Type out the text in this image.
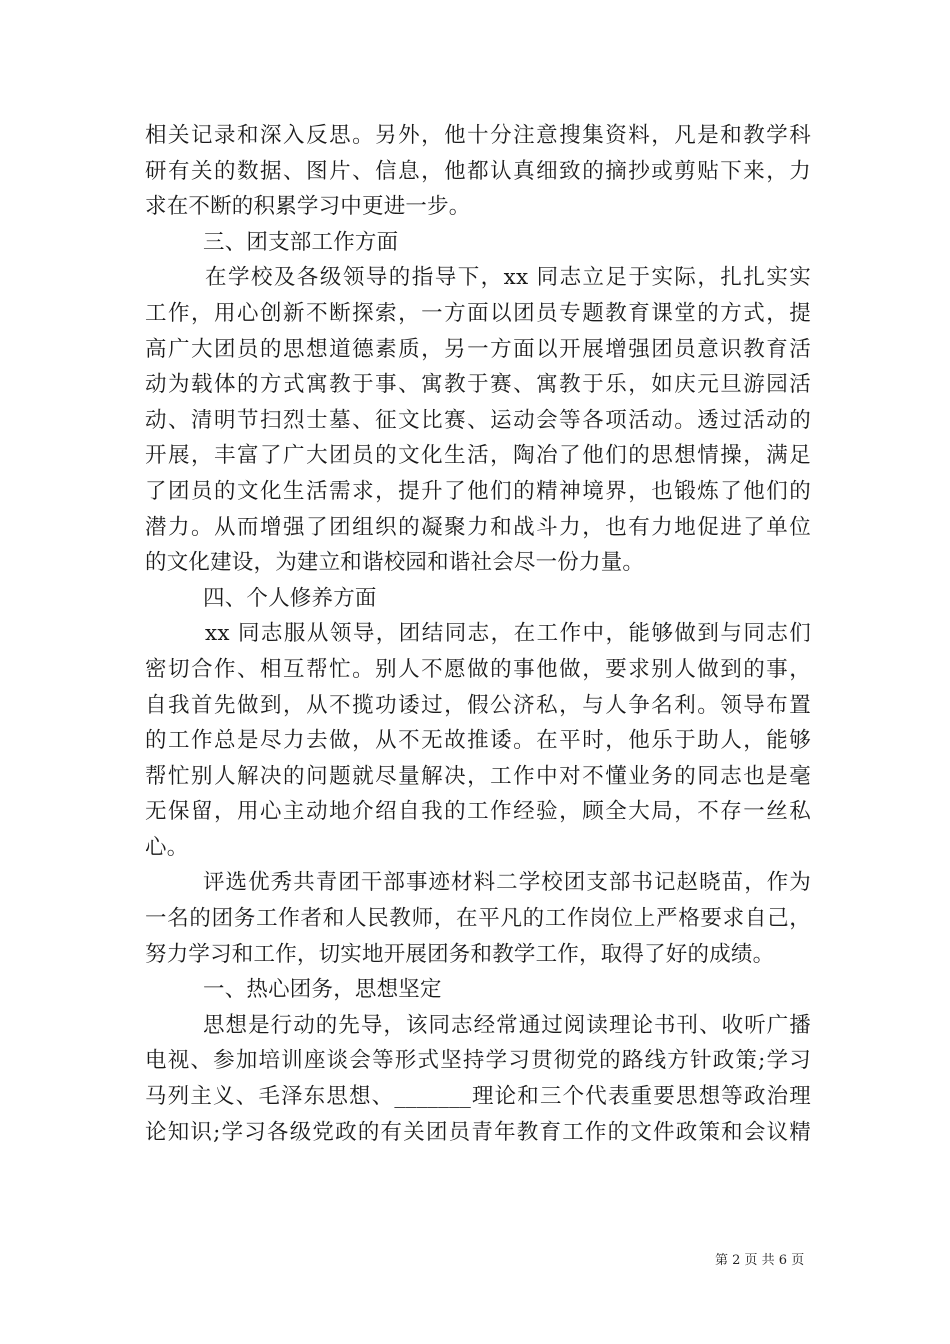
相关记录和深入反思。另外，他十分注意搜集资料，凡是和教学科
研有关的数据、图片、信息，他都认真细致的摘抄或剪贴下来，力
求在不断的积累学习中更进一步。
三、团支部工作方面
在学校及各级领导的指导下，xx 同志立足于实际，扎扎实实
工作，用心创新不断探索，一方面以团员专题教育课堂的方式，提
高广大团员的思想道德素质，另一方面以开展增强团员意识教育活
动为载体的方式寓教于事、寓教于赛、寓教于乐，如庆元旦游园活
动、清明节扫烈士墓、征文比赛、运动会等各项活动。透过活动的
开展，丰富了广大团员的文化生活，陶冶了他们的思想情操，满足
了团员的文化生活需求，提升了他们的精神境界，也锻炼了他们的
潜力。从而增强了团组织的凝聚力和战斗力，也有力地促进了单位
的文化建设，为建立和谐校园和谐社会尽一份力量。
四、个人修养方面
xx 同志服从领导，团结同志，在工作中，能够做到与同志们
密切合作、相互帮忙。别人不愿做的事他做，要求别人做到的事，
自我首先做到，从不揽功诿过，假公济私，与人争名利。领导布置
的工作总是尽力去做，从不无故推诿。在平时，他乐于助人，能够
帮忙别人解决的问题就尽量解决，工作中对不懂业务的同志也是毫
无保留，用心主动地介绍自我的工作经验，顾全大局，不存一丝私
心。
评选优秀共青团干部事迹材料二学校团支部书记赵晓苗，作为
一名的团务工作者和人民教师，在平凡的工作岗位上严格要求自己，
努力学习和工作，切实地开展团务和教学工作，取得了好的成绩。
一、热心团务，思想坚定
思想是行动的先导，该同志经常通过阅读理论书刊、收听广播
电视、参加培训座谈会等形式坚持学习贯彻党的路线方针政策;学习
马列主义、毛泽东思想、_______理论和三个代表重要思想等政治理
论知识;学习各级党政的有关团员青年教育工作的文件政策和会议精
第 2 页 共 6 页
